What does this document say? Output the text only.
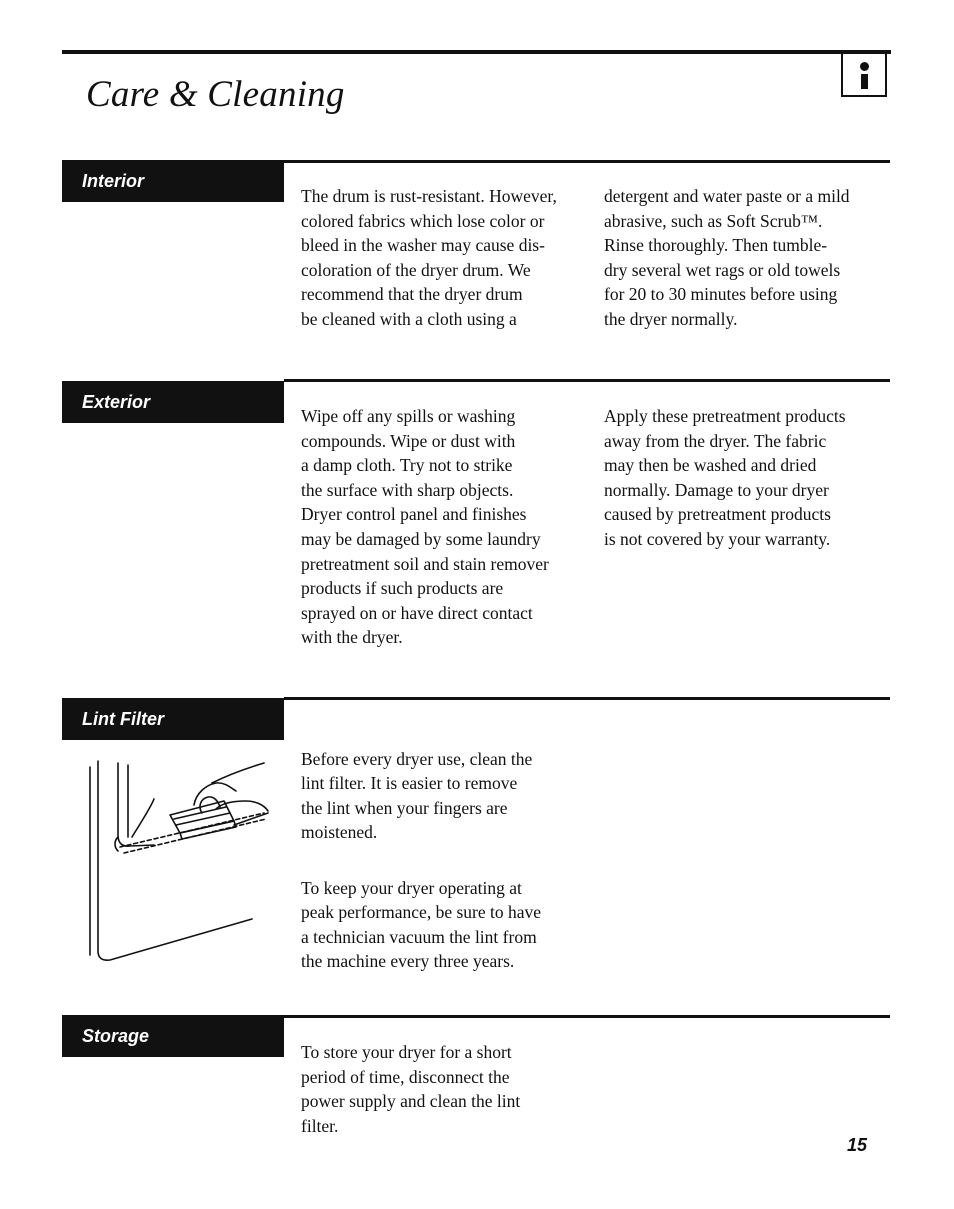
Care & Cleaning
Interior

The drum is rust-resistant. However,
colored fabrics which lose color or
bleed in the washer may cause dis-
coloration of the dryer drum. We
recommend that the dryer drum
be cleaned with a cloth using a

detergent and water paste or a mild
abrasive, such as Soft Scrub™.
Rinse thoroughly. Then tumble-
dry several wet rags or old towels
for 20 to 30 minutes before using
the dryer normally.

Exterior

Wipe off any spills or washing
compounds. Wipe or dust with
a damp cloth. Try not to strike
the surface with sharp objects.
Dryer control panel and finishes
may be damaged by some laundry
pretreatment soil and stain remover
products if such products are
sprayed on or have direct contact
with the dryer.

Apply these pretreatment products
away from the dryer. The fabric
may then be washed and dried
normally. Damage to your dryer
caused by pretreatment products
is not covered by your warranty.

Lint Filter

Before every dryer use, clean the
lint filter. It is easier to remove
the lint when your fingers are
moistened.

To keep your dryer operating at
peak performance, be sure to have
a technician vacuum the lint from
the machine every three years.

Storage

To store your dryer for a short
period of time, disconnect the
power supply and clean the lint
filter.

15
